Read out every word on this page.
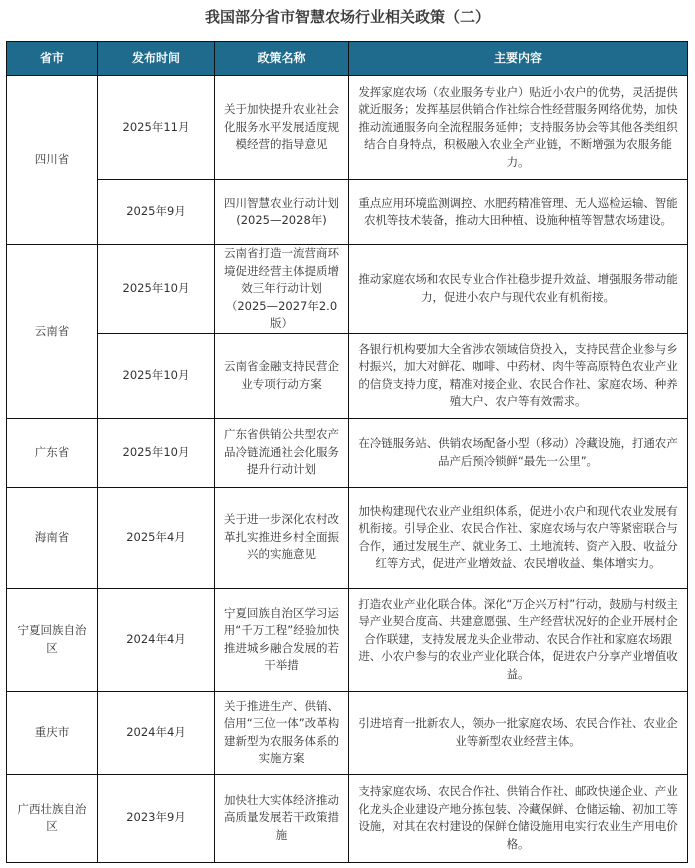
我国部分省市智慧农场行业相关政策（二）
省市	发布时间	政策名称	主要内容
四川省	2025年11月	关于加快提升农业社会化服务水平发展适度规模经营的指导意见	发挥家庭农场（农业服务专业户）贴近小农户的优势，灵活提供就近服务；发挥基层供销合作社综合性经营服务网络优势，加快推动流通服务向全流程服务延伸；支持服务协会等其他各类组织结合自身特点，积极融入农业全产业链，不断增强为农服务能力。
	2025年9月	四川智慧农业行动计划(2025—2028年)	重点应用环境监测调控、水肥药精准管理、无人巡检运输、智能农机等技术装备，推动大田种植、设施种植等智慧农场建设。
云南省	2025年10月	云南省打造一流营商环境促进经营主体提质增效三年行动计划（2025—2027年2.0版）	推动家庭农场和农民专业合作社稳步提升效益、增强服务带动能力，促进小农户与现代农业有机衔接。
	2025年10月	云南省金融支持民营企业专项行动方案	各银行机构要加大全省涉农领域信贷投入，支持民营企业参与乡村振兴，加大对鲜花、咖啡、中药材、肉牛等高原特色农业产业的信贷支持力度，精准对接企业、农民合作社、家庭农场、种养殖大户、农户等有效需求。
广东省	2025年10月	广东省供销公共型农产品冷链流通社会化服务提升行动计划	在冷链服务站、供销农场配备小型（移动）冷藏设施，打通农产品产后预冷锁鲜“最先一公里”。
海南省	2025年4月	关于进一步深化农村改革扎实推进乡村全面振兴的实施意见	加快构建现代农业产业组织体系，促进小农户和现代农业发展有机衔接。引导企业、农民合作社、家庭农场与农户等紧密联合与合作，通过发展生产、就业务工、土地流转、资产入股、收益分红等方式，促进产业增效益、农民增收益、集体增实力。
宁夏回族自治区	2024年4月	宁夏回族自治区学习运用“千万工程”经验加快推进城乡融合发展的若干举措	打造农业产业化联合体。深化“万企兴万村”行动，鼓励与村级主导产业契合度高、共建意愿强、生产经营状况好的企业开展村企合作联建，支持发展龙头企业带动、农民合作社和家庭农场跟进、小农户参与的农业产业化联合体，促进农户分享产业增值收益。
重庆市	2024年4月	关于推进生产、供销、信用“三位一体”改革构建新型为农服务体系的实施方案	引进培育一批新农人，领办一批家庭农场、农民合作社、农业企业等新型农业经营主体。
广西壮族自治区	2023年9月	加快壮大实体经济推动高质量发展若干政策措施	支持家庭农场、农民合作社、供销合作社、邮政快递企业、产业化龙头企业建设产地分拣包装、冷藏保鲜、仓储运输、初加工等设施，对其在农村建设的保鲜仓储设施用电实行农业生产用电价格。
